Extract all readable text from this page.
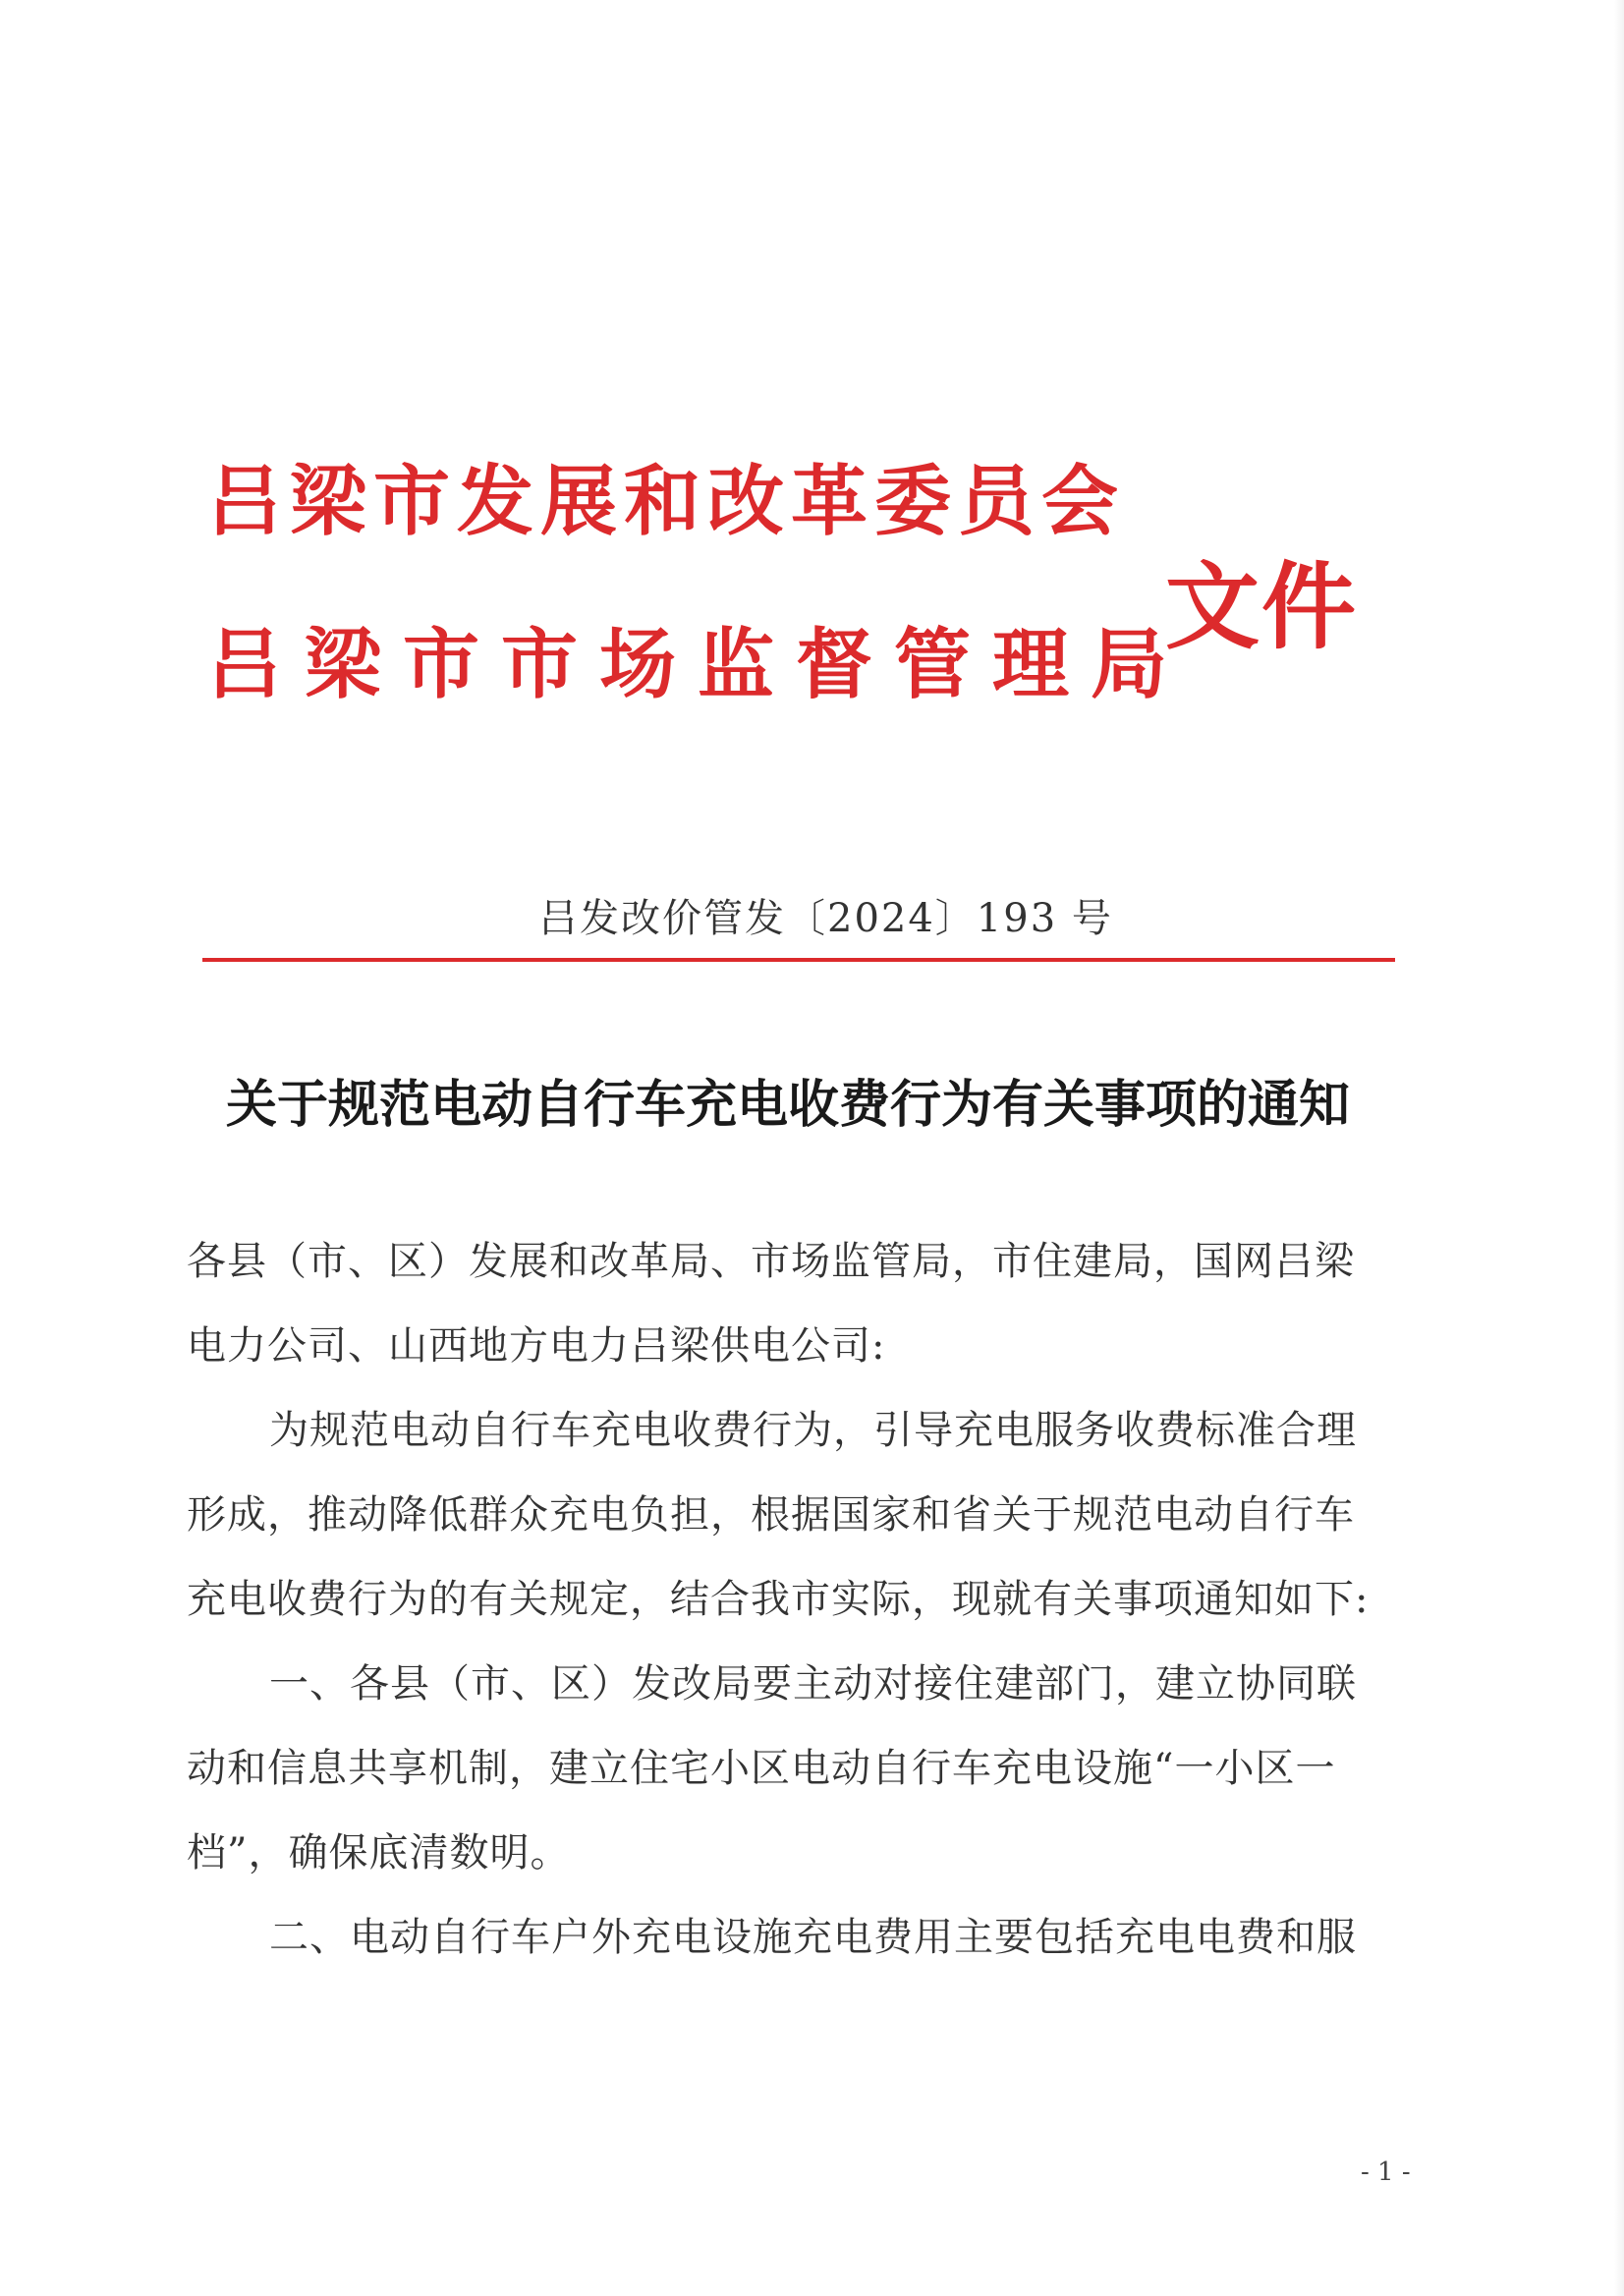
吕梁市发展和改革委员会
吕梁市市场监督管理局
文件
吕发改价管发〔2024〕193 号
关于规范电动自行车充电收费行为有关事项的通知
各县（市、区）发展和改革局、市场监管局，市住建局，国网吕梁
电力公司、山西地方电力吕梁供电公司:
为规范电动自行车充电收费行为，引导充电服务收费标准合理
形成，推动降低群众充电负担，根据国家和省关于规范电动自行车
充电收费行为的有关规定，结合我市实际，现就有关事项通知如下:
一、各县（市、区）发改局要主动对接住建部门，建立协同联
动和信息共享机制，建立住宅小区电动自行车充电设施“一小区一
档”，确保底清数明。
二、电动自行车户外充电设施充电费用主要包括充电电费和服
- 1 -
